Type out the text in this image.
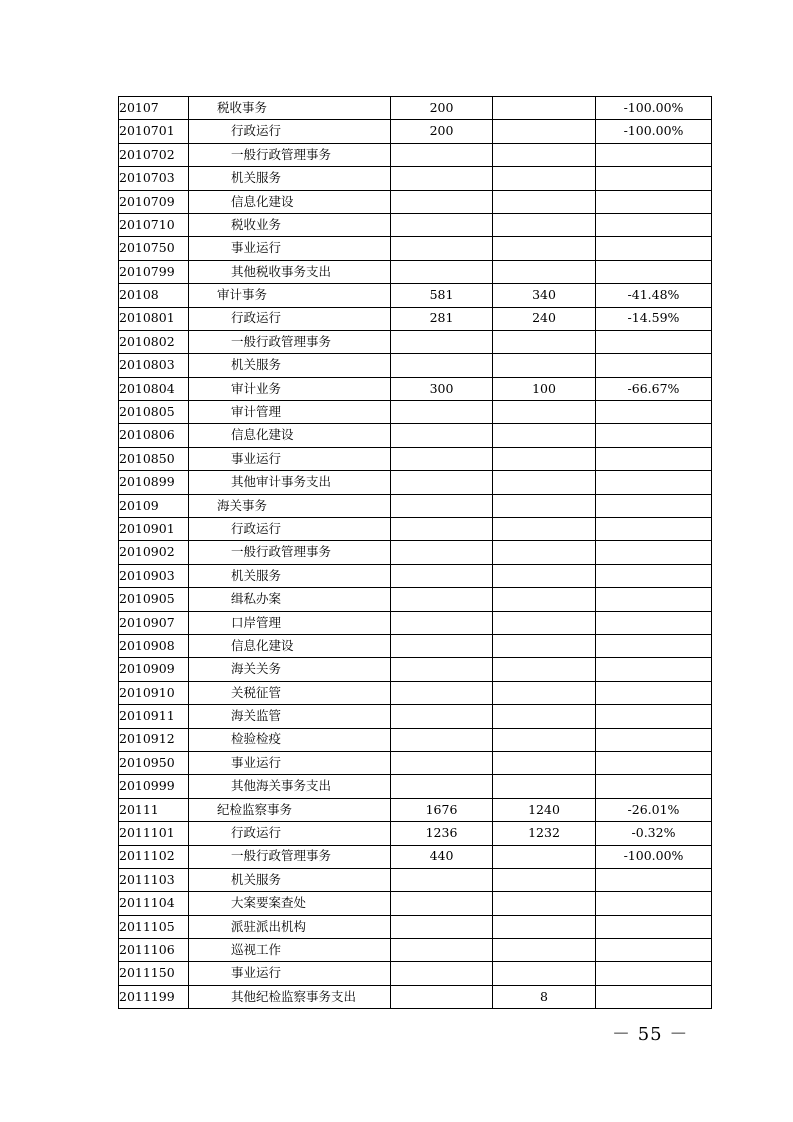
20107	税收事务	200		-100.00%
2010701	行政运行	200		-100.00%
2010702	一般行政管理事务			
2010703	机关服务			
2010709	信息化建设			
2010710	税收业务			
2010750	事业运行			
2010799	其他税收事务支出			
20108	审计事务	581	340	-41.48%
2010801	行政运行	281	240	-14.59%
2010802	一般行政管理事务			
2010803	机关服务			
2010804	审计业务	300	100	-66.67%
2010805	审计管理			
2010806	信息化建设			
2010850	事业运行			
2010899	其他审计事务支出			
20109	海关事务			
2010901	行政运行			
2010902	一般行政管理事务			
2010903	机关服务			
2010905	缉私办案			
2010907	口岸管理			
2010908	信息化建设			
2010909	海关关务			
2010910	关税征管			
2010911	海关监管			
2010912	检验检疫			
2010950	事业运行			
2010999	其他海关事务支出			
20111	纪检监察事务	1676	1240	-26.01%
2011101	行政运行	1236	1232	-0.32%
2011102	一般行政管理事务	440		-100.00%
2011103	机关服务			
2011104	大案要案查处			
2011105	派驻派出机构			
2011106	巡视工作			
2011150	事业运行			
2011199	其他纪检监察事务支出		8	
－ 55 －
